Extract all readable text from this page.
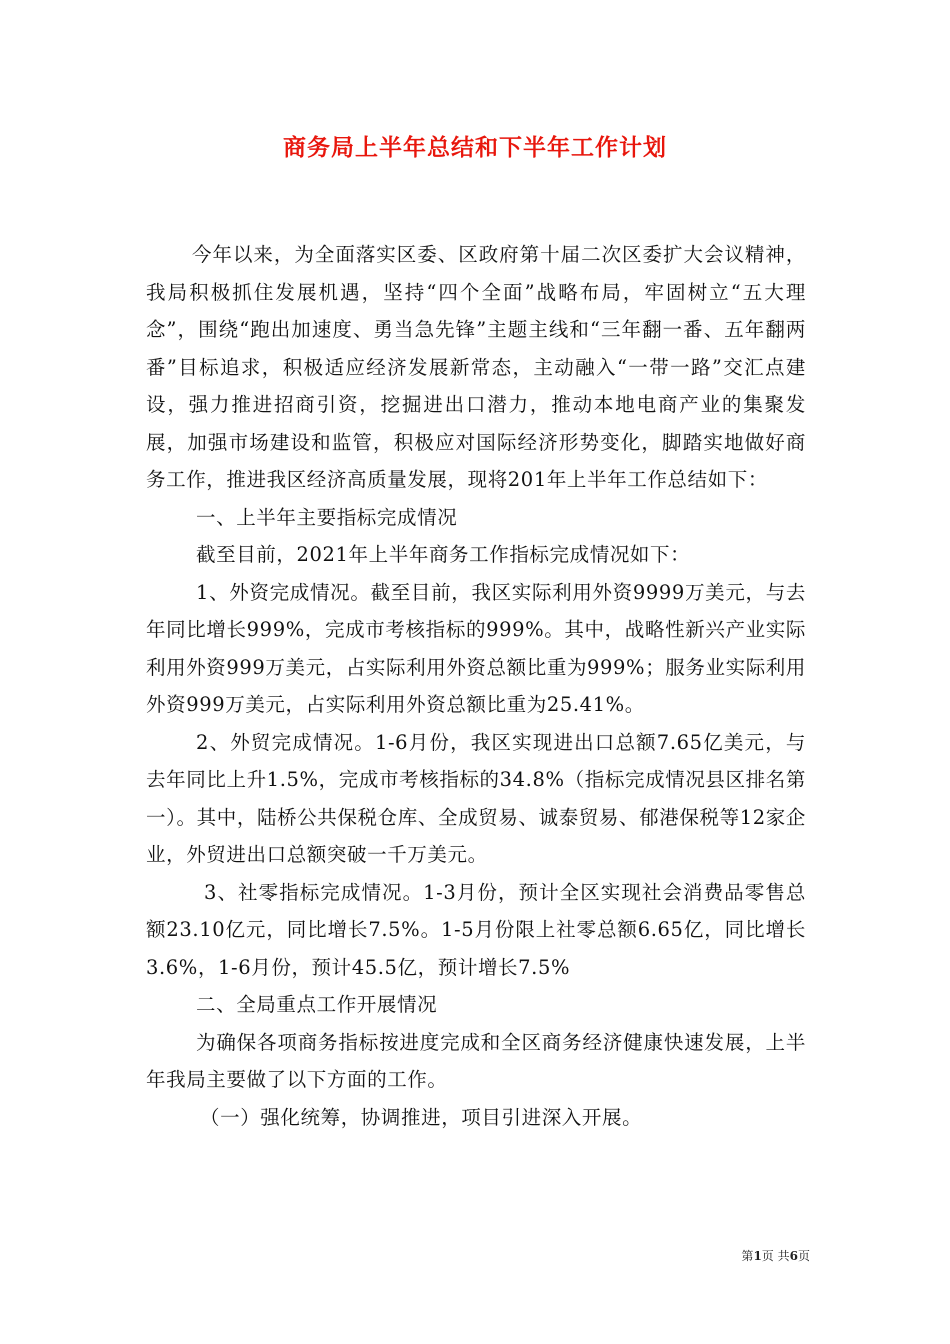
商务局上半年总结和下半年工作计划

今年以来，为全面落实区委、区政府第十届二次区委扩大会议精神，我局积极抓住发展机遇，坚持“四个全面”战略布局，牢固树立“五大理念”，围绕“跑出加速度、勇当急先锋”主题主线和“三年翻一番、五年翻两番”目标追求，积极适应经济发展新常态，主动融入“一带一路”交汇点建设，强力推进招商引资，挖掘进出口潜力，推动本地电商产业的集聚发展，加强市场建设和监管，积极应对国际经济形势变化，脚踏实地做好商务工作，推进我区经济高质量发展，现将201年上半年工作总结如下：

一、上半年主要指标完成情况

截至目前，2021年上半年商务工作指标完成情况如下：

1、外资完成情况。截至目前，我区实际利用外资9999万美元，与去年同比增长999%，完成市考核指标的999%。其中，战略性新兴产业实际利用外资999万美元，占实际利用外资总额比重为999%；服务业实际利用外资999万美元，占实际利用外资总额比重为25.41%。

2、外贸完成情况。1-6月份，我区实现进出口总额7.65亿美元，与去年同比上升1.5%，完成市考核指标的34.8%（指标完成情况县区排名第一）。其中，陆桥公共保税仓库、全成贸易、诚泰贸易、郁港保税等12家企业，外贸进出口总额突破一千万美元。

3、社零指标完成情况。1-3月份，预计全区实现社会消费品零售总额23.10亿元，同比增长7.5%。1-5月份限上社零总额6.65亿，同比增长3.6%，1-6月份，预计45.5亿，预计增长7.5%

二、全局重点工作开展情况

为确保各项商务指标按进度完成和全区商务经济健康快速发展，上半年我局主要做了以下方面的工作。

（一）强化统筹，协调推进，项目引进深入开展。

第1页 共6页
